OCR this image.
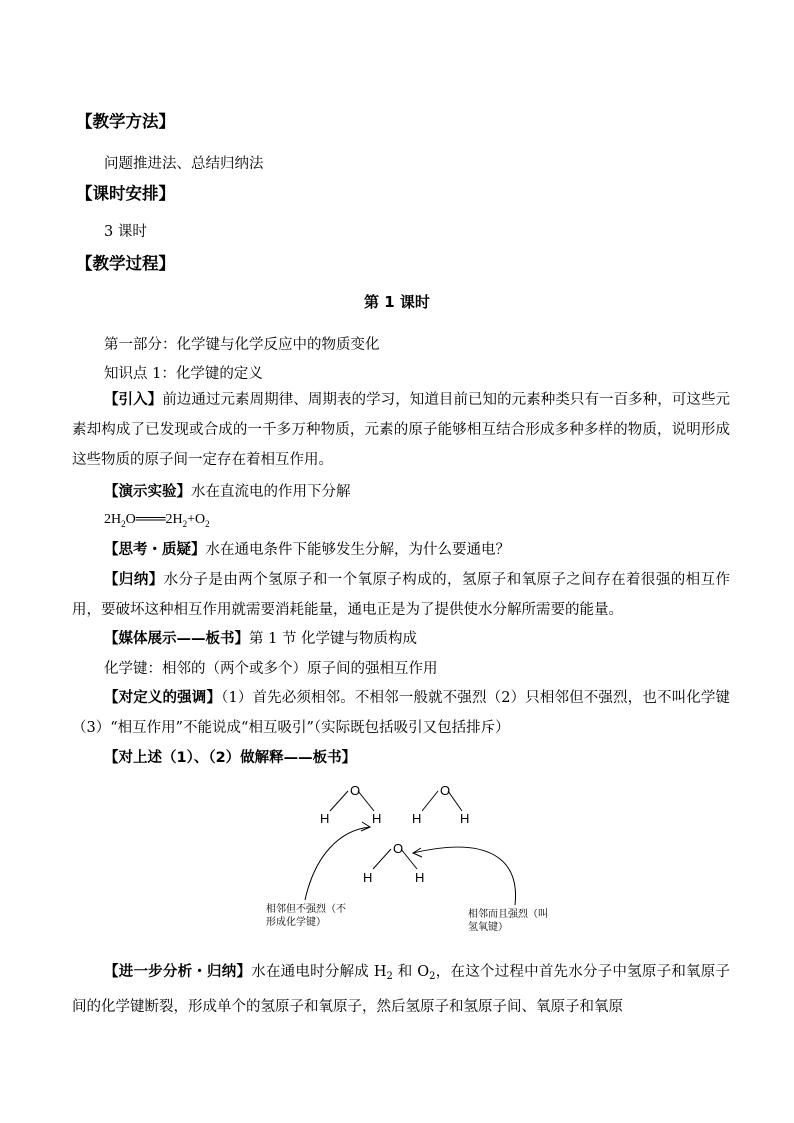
【教学方法】
问题推进法、总结归纳法
【课时安排】
3 课时
【教学过程】
第 1 课时
第一部分：化学键与化学反应中的物质变化
知识点 1：化学键的定义
【引入】前边通过元素周期律、周期表的学习，知道目前已知的元素种类只有一百多种，可这些元素却构成了已发现或合成的一千多万种物质，元素的原子能够相互结合形成多种多样的物质，说明形成这些物质的原子间一定存在着相互作用。
【演示实验】水在直流电的作用下分解
$2H_2O═══2H_2+O_2$
【思考・质疑】水在通电条件下能够发生分解，为什么要通电？
【归纳】水分子是由两个氢原子和一个氧原子构成的，氢原子和氧原子之间存在着很强的相互作用，要破坏这种相互作用就需要消耗能量，通电正是为了提供使水分解所需要的能量。
【媒体展示——板书】第 1 节 化学键与物质构成
化学键：相邻的（两个或多个）原子间的强相互作用
【对定义的强调】（1）首先必须相邻。不相邻一般就不强烈（2）只相邻但不强烈，也不叫化学键（3）“相互作用”不能说成“相互吸引”（实际既包括吸引又包括排斥）
【对上述（1）、（2）做解释——板书】
O
H	H
O
H	H
O
H	H
相邻但不强烈（不
形成化学键）
相邻而且强烈（叫
氢氧键）
【进一步分析・归纳】水在通电时分解成 $H_2$ 和 $O_2$，在这个过程中首先水分子中氢原子和氧原子间的化学键断裂，形成单个的氢原子和氧原子，然后氢原子和氢原子间、氧原子和氧原
